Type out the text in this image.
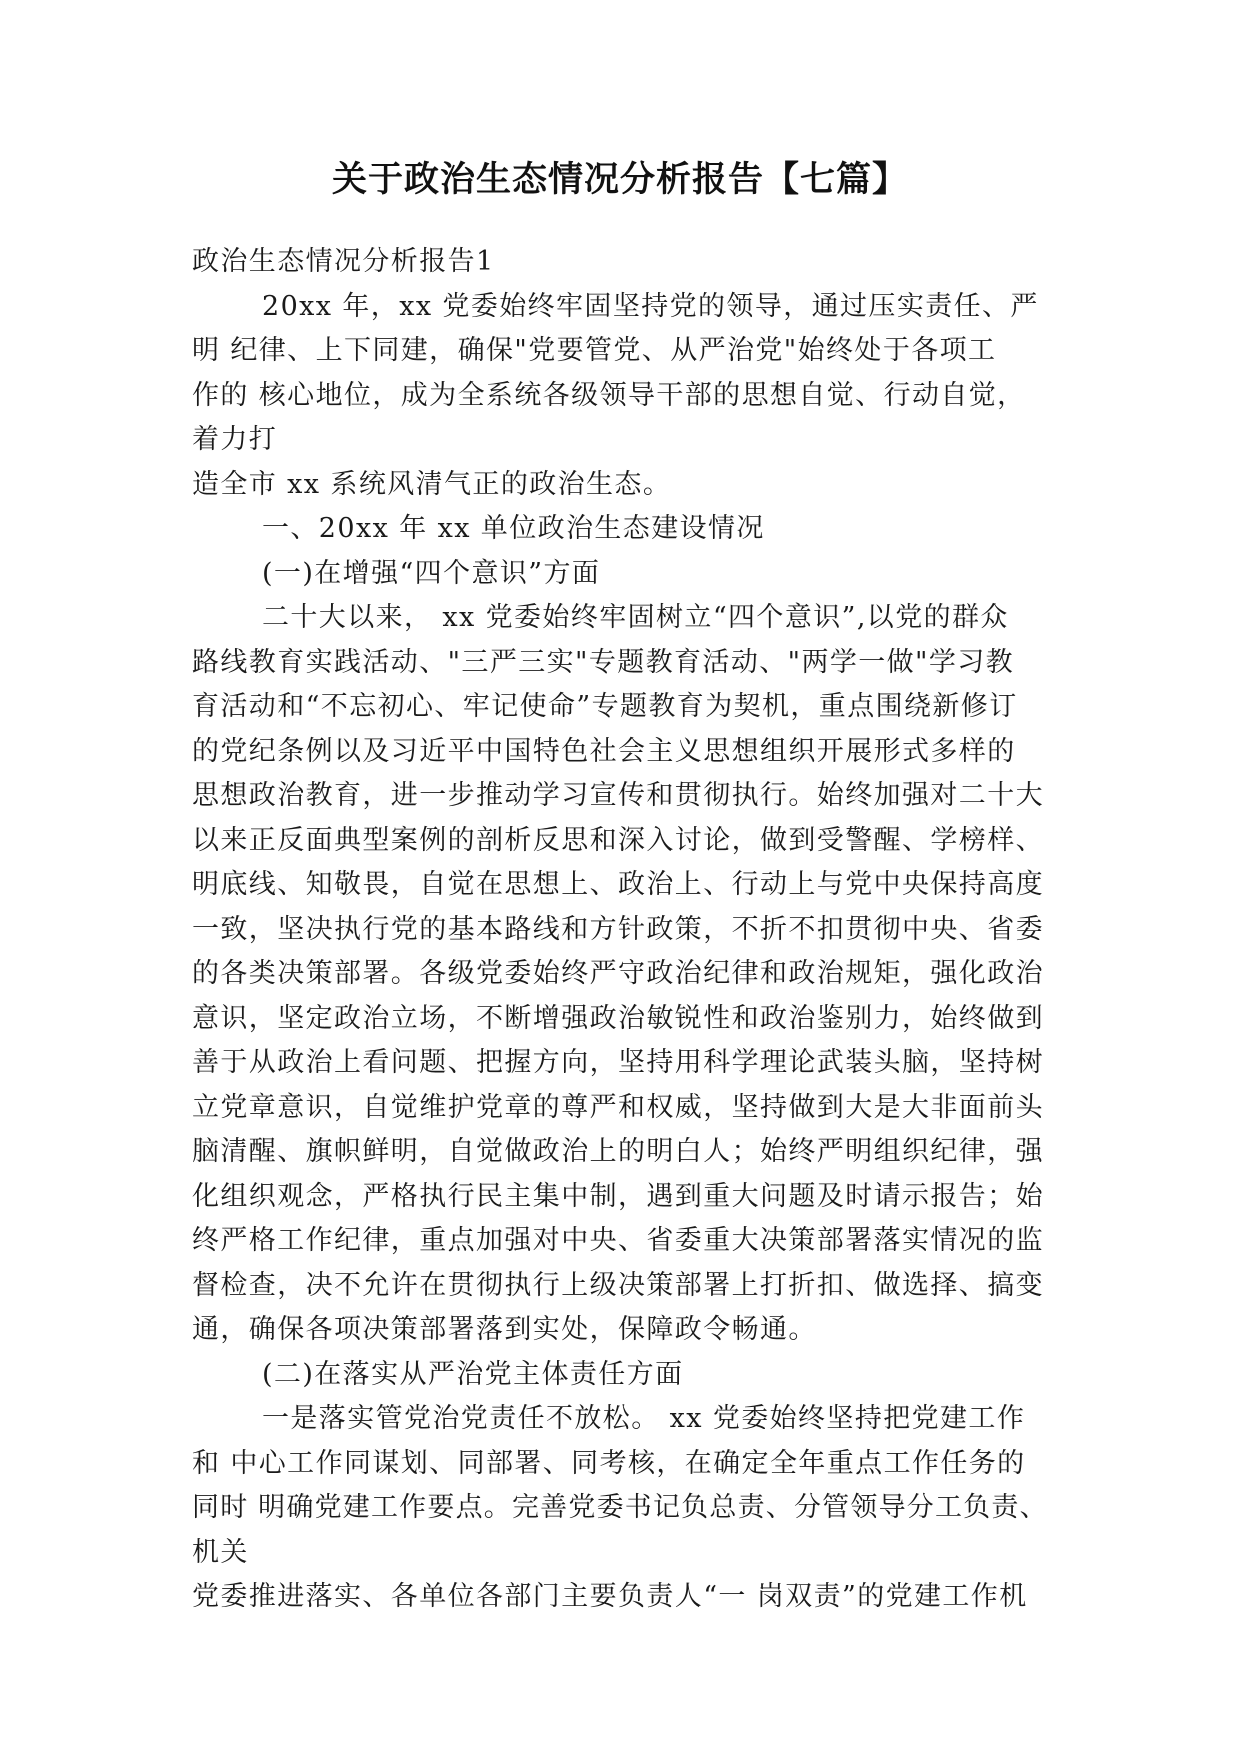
关于政治生态情况分析报告【七篇】
政治生态情况分析报告1
20xx 年，xx 党委始终牢固坚持党的领导，通过压实责任、严
明 纪律、上下同建，确保"党要管党、从严治党"始终处于各项工
作的 核心地位，成为全系统各级领导干部的思想自觉、行动自觉，
着力打
造全市 xx 系统风清气正的政治生态。
一、20xx 年 xx 单位政治生态建设情况
(一)在增强“四个意识”方面
二十大以来， xx 党委始终牢固树立“四个意识”,以党的群众
路线教育实践活动、"三严三实"专题教育活动、"两学一做"学习教
育活动和“不忘初心、牢记使命”专题教育为契机，重点围绕新修订
的党纪条例以及习近平中国特色社会主义思想组织开展形式多样的
思想政治教育，进一步推动学习宣传和贯彻执行。始终加强对二十大
以来正反面典型案例的剖析反思和深入讨论，做到受警醒、学榜样、
明底线、知敬畏，自觉在思想上、政治上、行动上与党中央保持高度
一致，坚决执行党的基本路线和方针政策，不折不扣贯彻中央、省委
的各类决策部署。各级党委始终严守政治纪律和政治规矩，强化政治
意识，坚定政治立场，不断增强政治敏锐性和政治鉴别力，始终做到
善于从政治上看问题、把握方向，坚持用科学理论武装头脑，坚持树
立党章意识，自觉维护党章的尊严和权威，坚持做到大是大非面前头
脑清醒、旗帜鲜明，自觉做政治上的明白人；始终严明组织纪律，强
化组织观念，严格执行民主集中制，遇到重大问题及时请示报告；始
终严格工作纪律，重点加强对中央、省委重大决策部署落实情况的监
督检查，决不允许在贯彻执行上级决策部署上打折扣、做选择、搞变
通，确保各项决策部署落到实处，保障政令畅通。
(二)在落实从严治党主体责任方面
一是落实管党治党责任不放松。 xx 党委始终坚持把党建工作
和 中心工作同谋划、同部署、同考核，在确定全年重点工作任务的
同时 明确党建工作要点。完善党委书记负总责、分管领导分工负责、
机关
党委推进落实、各单位各部门主要负责人“一 岗双责”的党建工作机
